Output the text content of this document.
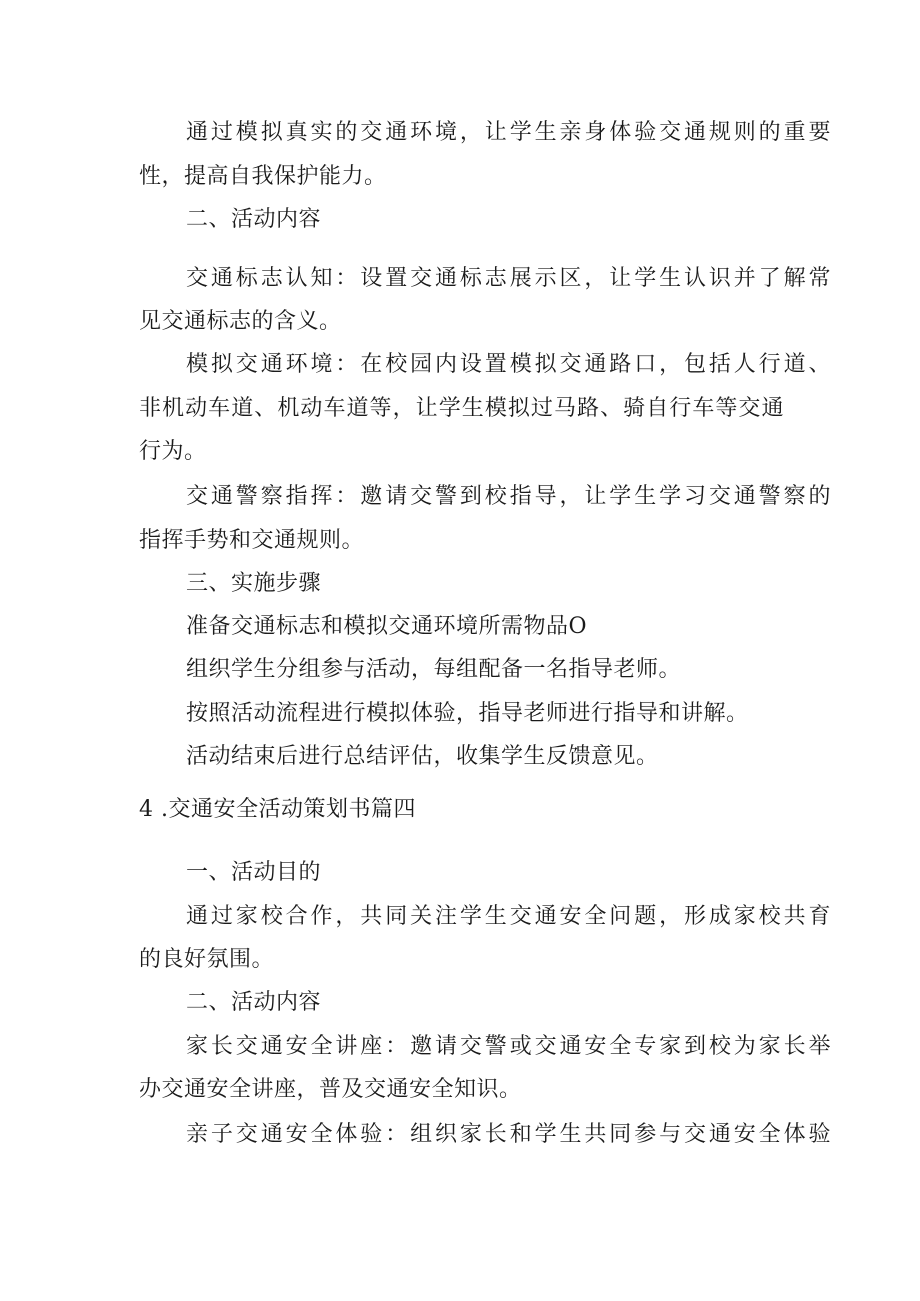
通过模拟真实的交通环境，让学生亲身体验交通规则的重要
性，提高自我保护能力。
二、活动内容
交通标志认知：设置交通标志展示区，让学生认识并了解常
见交通标志的含义。
模拟交通环境：在校园内设置模拟交通路口，包括人行道、
非机动车道、机动车道等，让学生模拟过马路、骑自行车等交通
行为。
交通警察指挥：邀请交警到校指导，让学生学习交通警察的
指挥手势和交通规则。
三、实施步骤
准备交通标志和模拟交通环境所需物品O
组织学生分组参与活动，每组配备一名指导老师。
按照活动流程进行模拟体验，指导老师进行指导和讲解。
活动结束后进行总结评估，收集学生反馈意见。
4 .交通安全活动策划书篇四
一、活动目的
通过家校合作，共同关注学生交通安全问题，形成家校共育
的良好氛围。
二、活动内容
家长交通安全讲座：邀请交警或交通安全专家到校为家长举
办交通安全讲座，普及交通安全知识。
亲子交通安全体验：组织家长和学生共同参与交通安全体验
